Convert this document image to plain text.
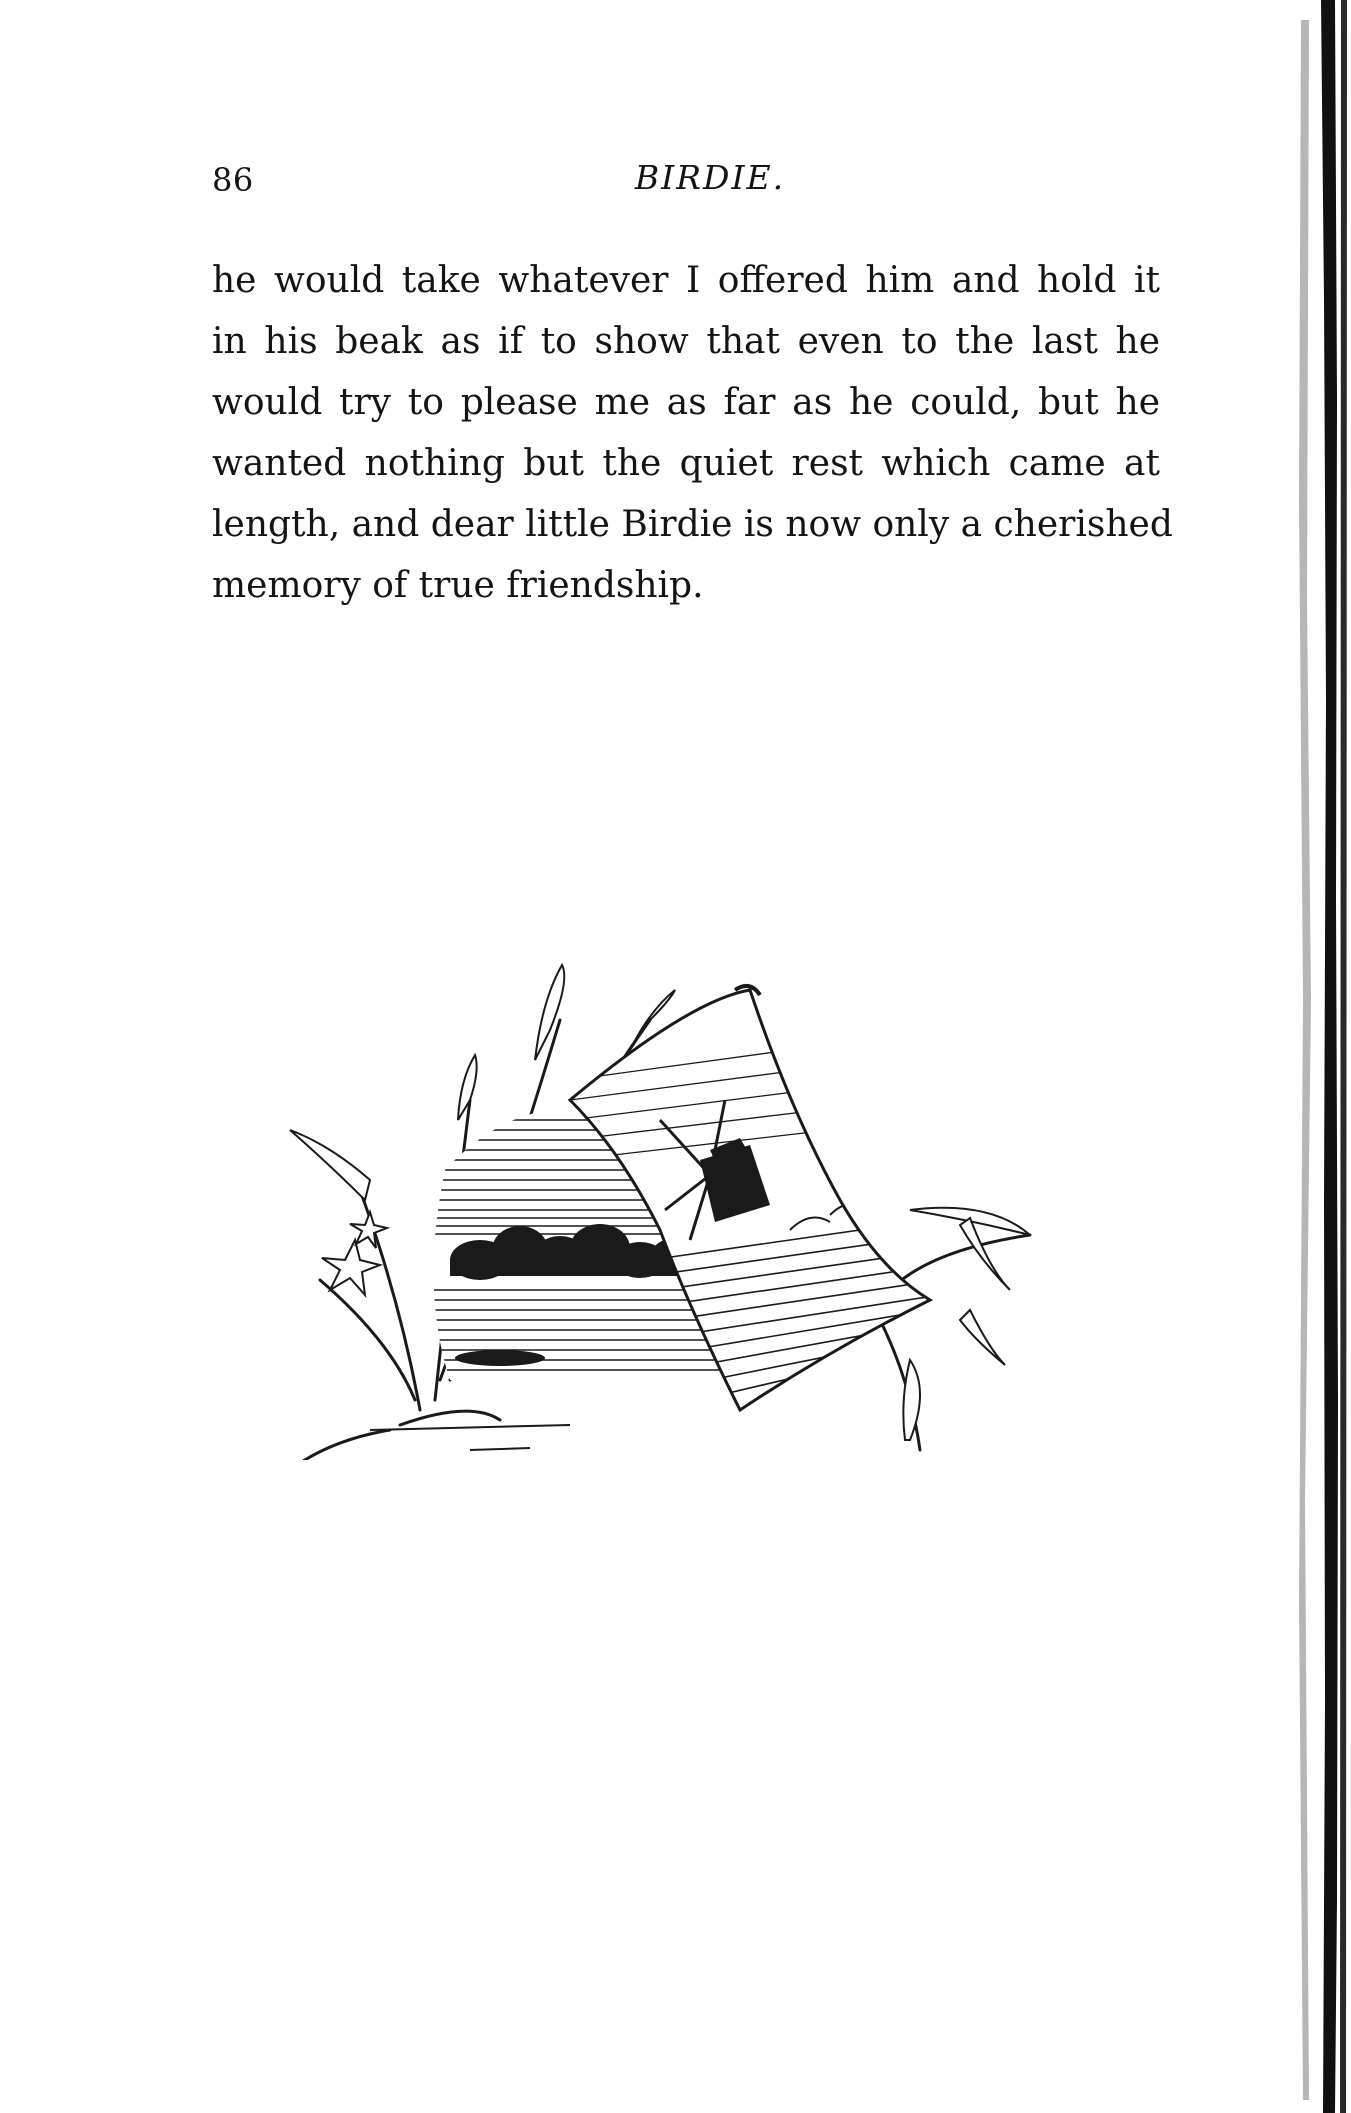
86	BIRDIE.
he would take whatever I offered him and hold it
in his beak as if to show that even to the last he
would try to please me as far as he could, but he
wanted nothing but the quiet rest which came at
length, and dear little Birdie is now only a cherished
memory of true friendship.
